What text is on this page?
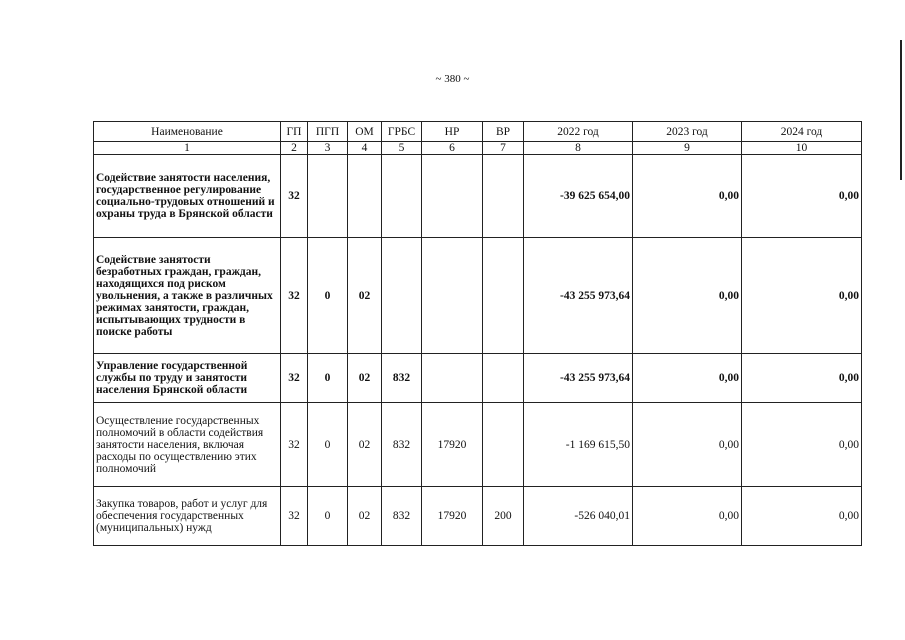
~ 380 ~
Наименование	ГП	ПГП	ОМ	ГРБС	НР	ВР	2022 год	2023 год	2024 год
1	2	3	4	5	6	7	8	9	10
Содействие занятости населения, государственное регулирование социально-трудовых отношений и охраны труда в Брянской области	32						-39 625 654,00	0,00	0,00
Содействие занятости безработных граждан, граждан, находящихся под риском увольнения, а также в различных режимах занятости, граждан, испытывающих трудности в поиске работы	32	0	02				-43 255 973,64	0,00	0,00
Управление государственной службы по труду и занятости населения Брянской области	32	0	02	832			-43 255 973,64	0,00	0,00
Осуществление государственных полномочий в области содействия занятости населения, включая расходы по осуществлению этих полномочий	32	0	02	832	17920		-1 169 615,50	0,00	0,00
Закупка товаров, работ и услуг для обеспечения государственных (муниципальных) нужд	32	0	02	832	17920	200	-526 040,01	0,00	0,00
